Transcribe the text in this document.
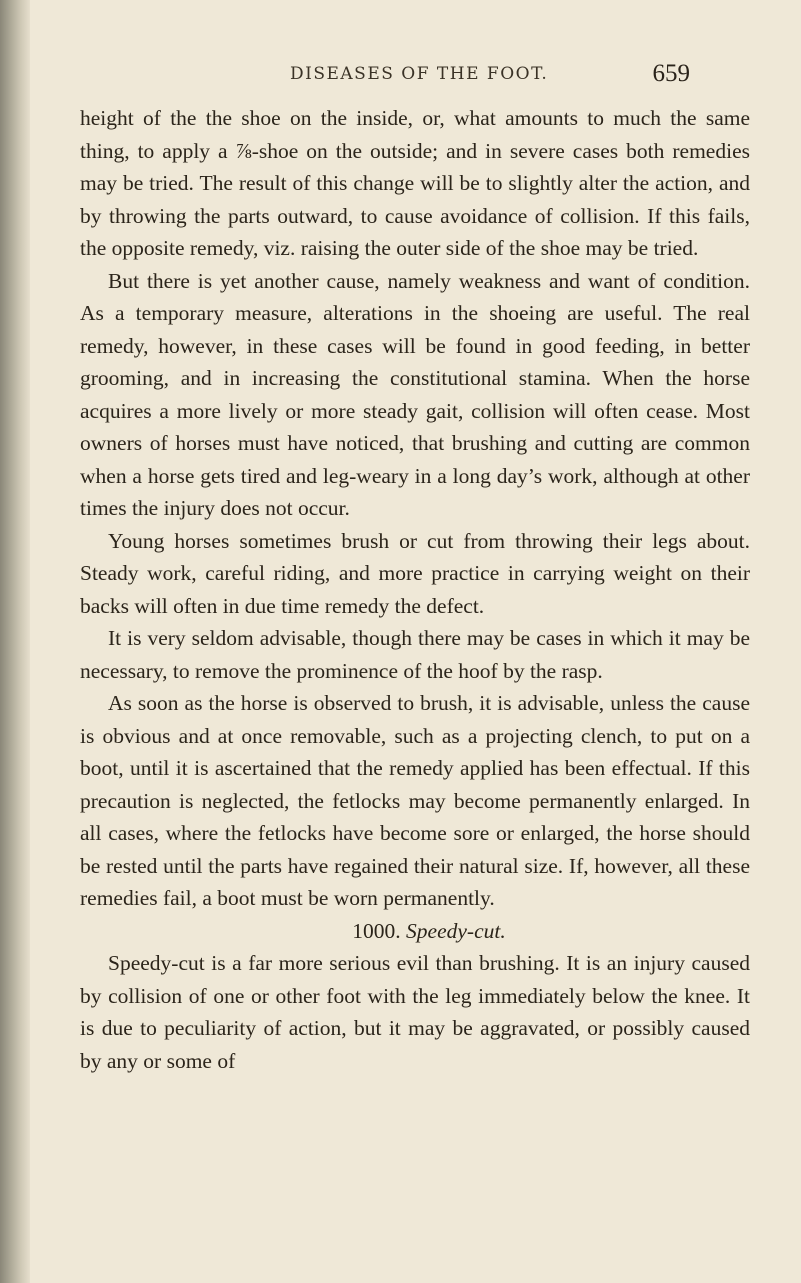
DISEASES OF THE FOOT.	659

height of the the shoe on the inside, or, what amounts to much the same thing, to apply a ⅞-shoe on the outside; and in severe cases both remedies may be tried. The result of this change will be to slightly alter the action, and by throwing the parts outward, to cause avoidance of collision. If this fails, the opposite remedy, viz. raising the outer side of the shoe may be tried.

But there is yet another cause, namely weakness and want of condition. As a temporary measure, alterations in the shoeing are useful. The real remedy, however, in these cases will be found in good feeding, in better grooming, and in increasing the constitutional stamina. When the horse acquires a more lively or more steady gait, collision will often cease. Most owners of horses must have noticed, that brushing and cutting are common when a horse gets tired and leg-weary in a long day’s work, although at other times the injury does not occur.

Young horses sometimes brush or cut from throwing their legs about. Steady work, careful riding, and more practice in carrying weight on their backs will often in due time remedy the defect.

It is very seldom advisable, though there may be cases in which it may be necessary, to remove the prominence of the hoof by the rasp.

As soon as the horse is observed to brush, it is advisable, unless the cause is obvious and at once removable, such as a projecting clench, to put on a boot, until it is ascertained that the remedy applied has been effectual. If this precaution is neglected, the fetlocks may become permanently enlarged. In all cases, where the fetlocks have become sore or enlarged, the horse should be rested until the parts have regained their natural size. If, however, all these remedies fail, a boot must be worn permanently.

1000. Speedy-cut.

Speedy-cut is a far more serious evil than brushing. It is an injury caused by collision of one or other foot with the leg immediately below the knee. It is due to peculiarity of action, but it may be aggravated, or possibly caused by any or some of
